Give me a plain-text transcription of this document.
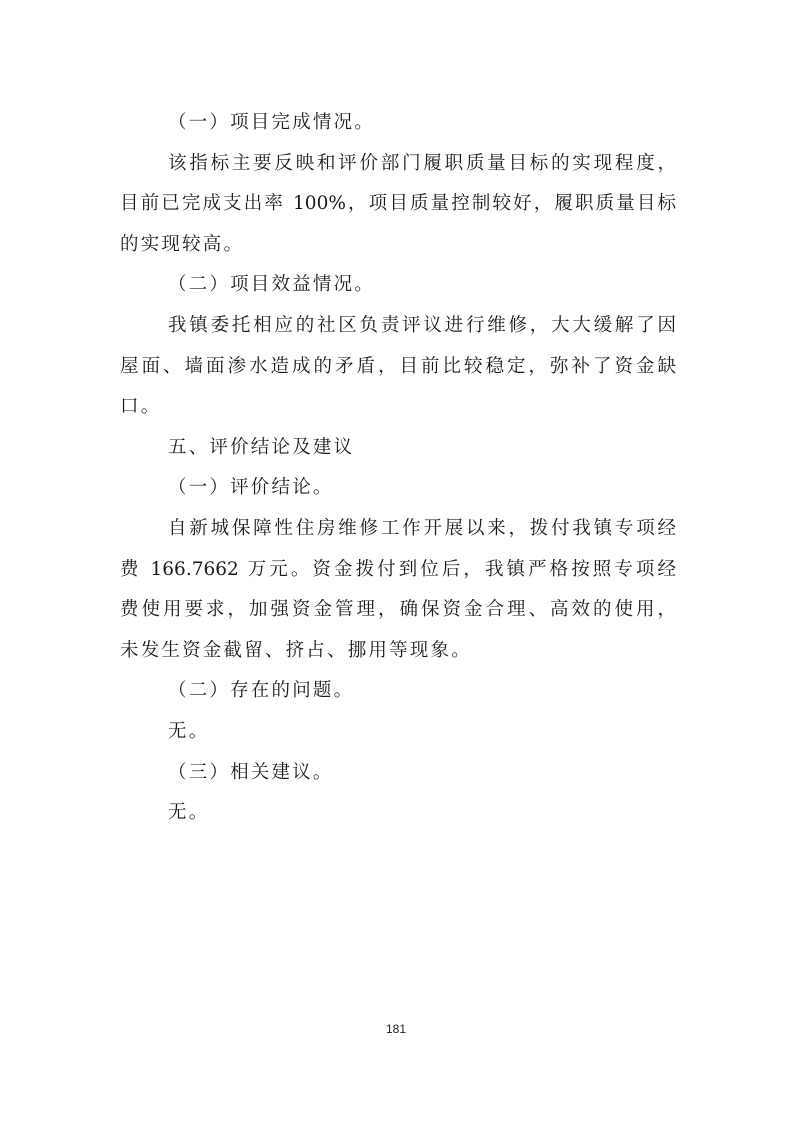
（一）项目完成情况。

该指标主要反映和评价部门履职质量目标的实现程度，

目前已完成支出率 100%，项目质量控制较好，履职质量目标

的实现较高。

（二）项目效益情况。

我镇委托相应的社区负责评议进行维修，大大缓解了因

屋面、墙面渗水造成的矛盾，目前比较稳定，弥补了资金缺

口。

五、评价结论及建议

（一）评价结论。

自新城保障性住房维修工作开展以来，拨付我镇专项经

费 166.7662 万元。资金拨付到位后，我镇严格按照专项经

费使用要求，加强资金管理，确保资金合理、高效的使用，

未发生资金截留、挤占、挪用等现象。

（二）存在的问题。

无。

（三）相关建议。

无。

181
